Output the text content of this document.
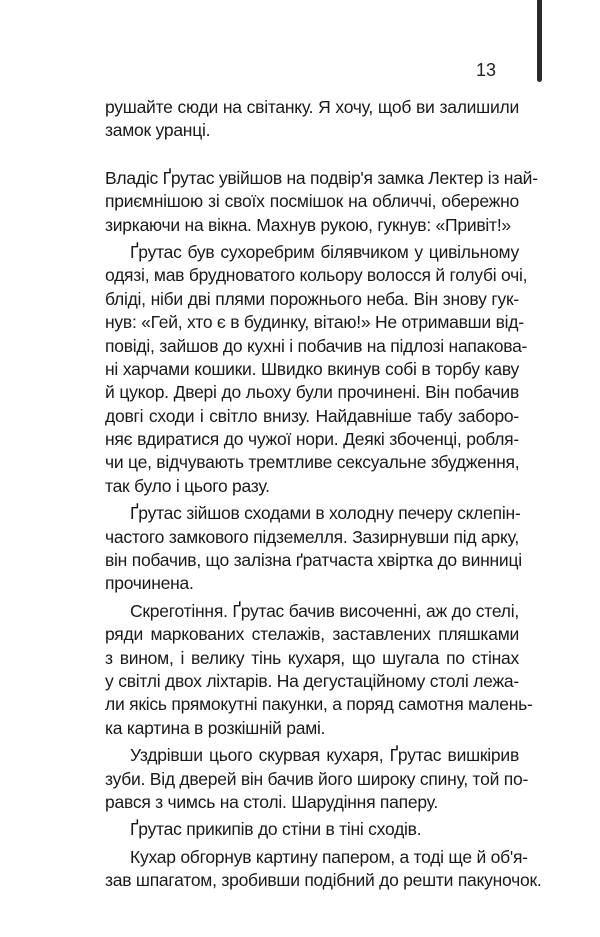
13
рушайте сюди на світанку. Я хочу, щоб ви залишили
замок уранці.
Владіс Ґрутас увійшов на подвір'я замка Лектер із най-
приємнішою зі своїх посмішок на обличчі, обережно
зиркаючи на вікна. Махнув рукою, гукнув: «Привіт!»
Ґрутас був сухоребрим білявчиком у цивільному
одязі, мав брудноватого кольору волосся й голубі очі,
бліді, ніби дві плями порожнього неба. Він знову гук-
нув: «Гей, хто є в будинку, вітаю!» Не отримавши від-
повіді, зайшов до кухні і побачив на підлозі напакова-
ні харчами кошики. Швидко вкинув собі в торбу каву
й цукор. Двері до льоху були прочинені. Він побачив
довгі сходи і світло внизу. Найдавніше табу заборо-
няє вдиратися до чужої нори. Деякі збоченці, робля-
чи це, відчувають тремтливе сексуальне збудження,
так було і цього разу.
Ґрутас зійшов сходами в холодну печеру склепін-
частого замкового підземелля. Зазирнувши під арку,
він побачив, що залізна ґратчаста хвіртка до винниці
прочинена.
Скреготіння. Ґрутас бачив височенні, аж до стелі,
ряди маркованих стелажів, заставлених пляшками
з вином, і велику тінь кухаря, що шугала по стінах
у світлі двох ліхтарів. На дегустаційному столі лежа-
ли якісь прямокутні пакунки, а поряд самотня малень-
ка картина в розкішній рамі.
Уздрівши цього скурвая кухаря, Ґрутас вишкірив
зуби. Від дверей він бачив його широку спину, той по-
рався з чимсь на столі. Шарудіння паперу.
Ґрутас прикипів до стіни в тіні сходів.
Кухар обгорнув картину папером, а тоді ще й об'я-
зав шпагатом, зробивши подібний до решти пакуночок.
